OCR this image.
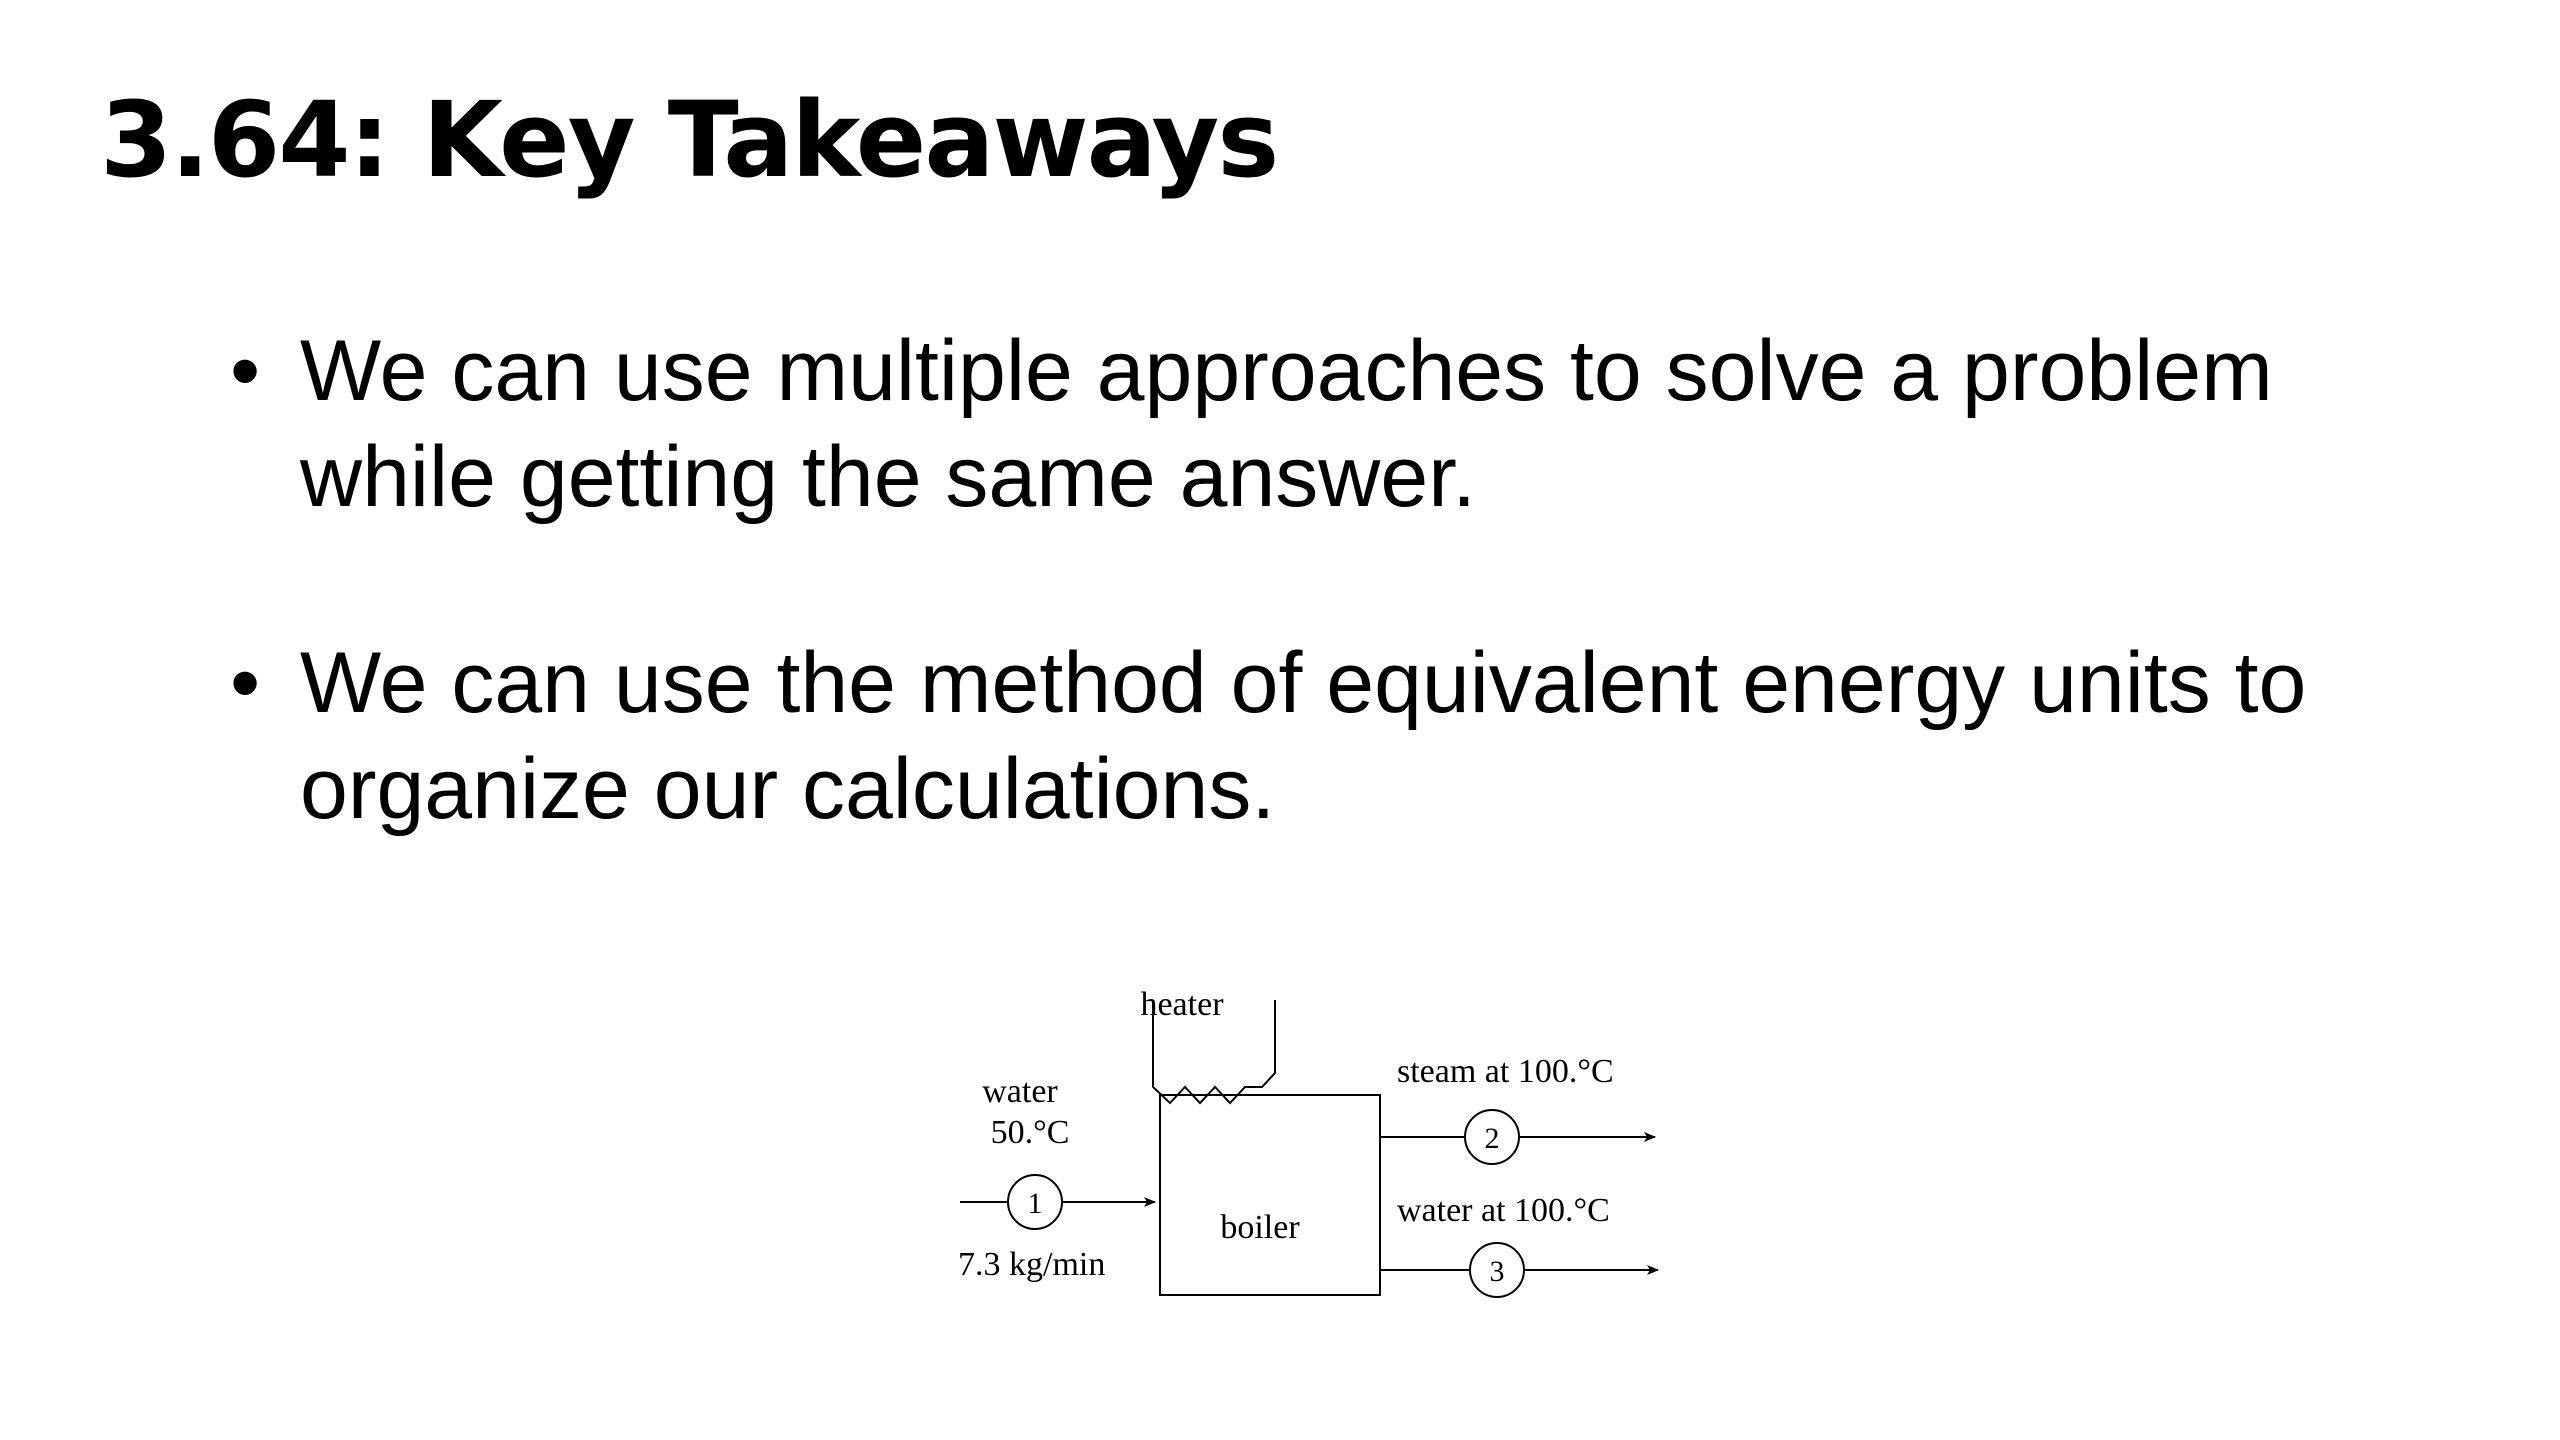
3.64: Key Takeaways
• We can use multiple approaches to solve a problem while getting the same answer.
• We can use the method of equivalent energy units to organize our calculations.
heater
boiler
water
50.°C
1
7.3 kg/min
steam at 100.°C
2
water at 100.°C
3
